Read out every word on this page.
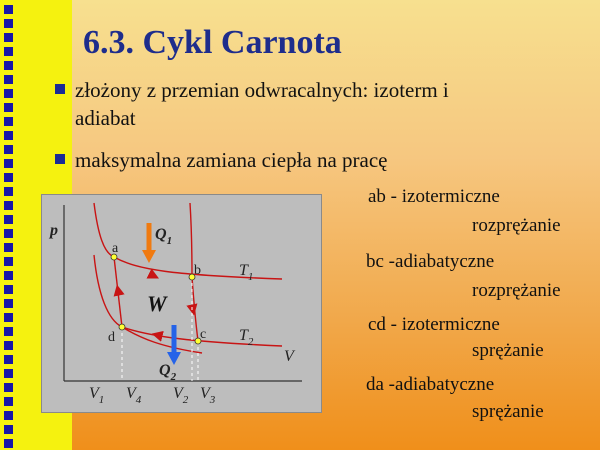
6.3. Cykl Carnota
złożony z przemian odwracalnych: izoterm i
adiabat
maksymalna zamiana ciepła na pracę
ab - izotermiczne
rozprężanie
bc -adiabatyczne
rozprężanie
cd - izotermiczne
sprężanie
da -adiabatyczne
sprężanie
p
V
a
b
c
d
$Q_1$
$Q_2$
$T_1$
$T_2$
W
$V_1$ $V_4$ $V_2$ $V_3$
